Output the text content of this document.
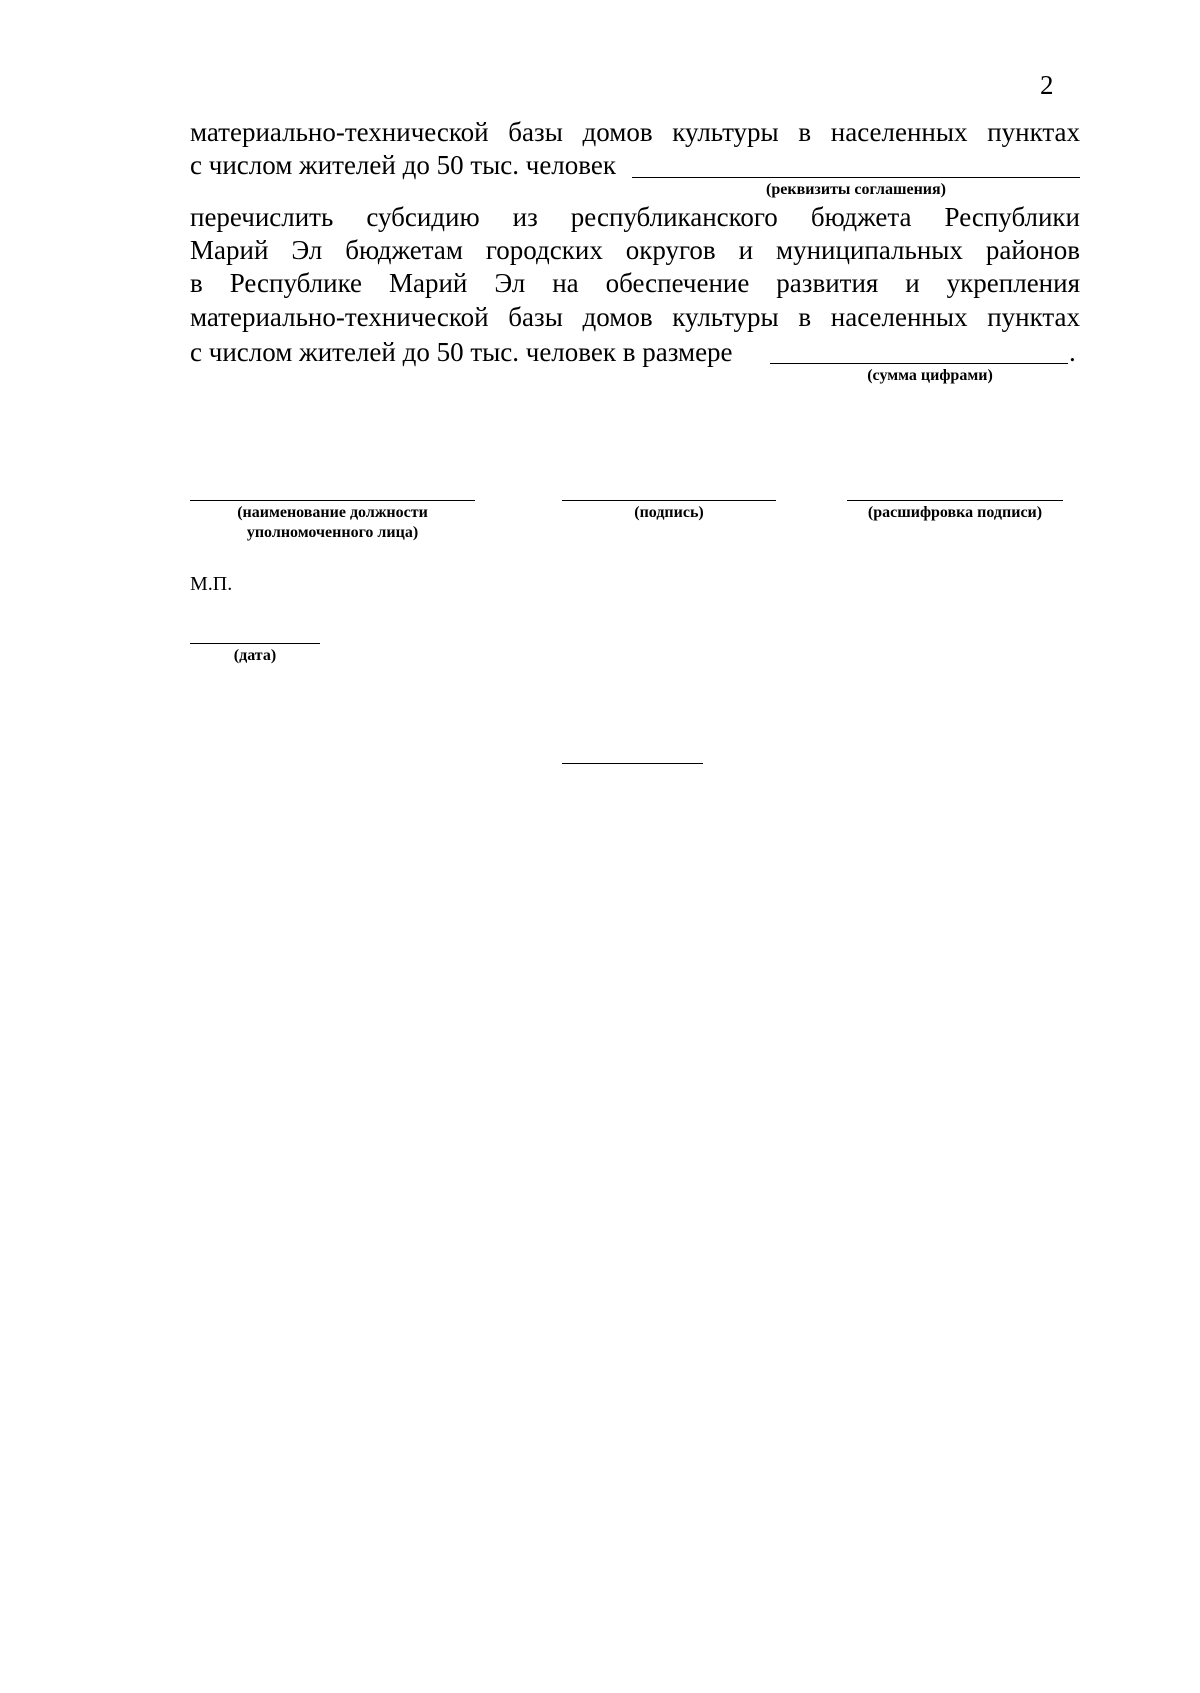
2
материально-технической базы домов культуры в населенных пунктах
с числом жителей до 50 тыс. человек
(реквизиты соглашения)
перечислить субсидию из республиканского бюджета Республики
Марий Эл бюджетам городских округов и муниципальных районов
в Республике Марий Эл на обеспечение развития и укрепления
материально-технической базы домов культуры в населенных пунктах
с числом жителей до 50 тыс. человек в размере	.
(сумма цифрами)
(наименование должности
уполномоченного лица)
(подпись)	(расшифровка подписи)
М.П.
(дата)
